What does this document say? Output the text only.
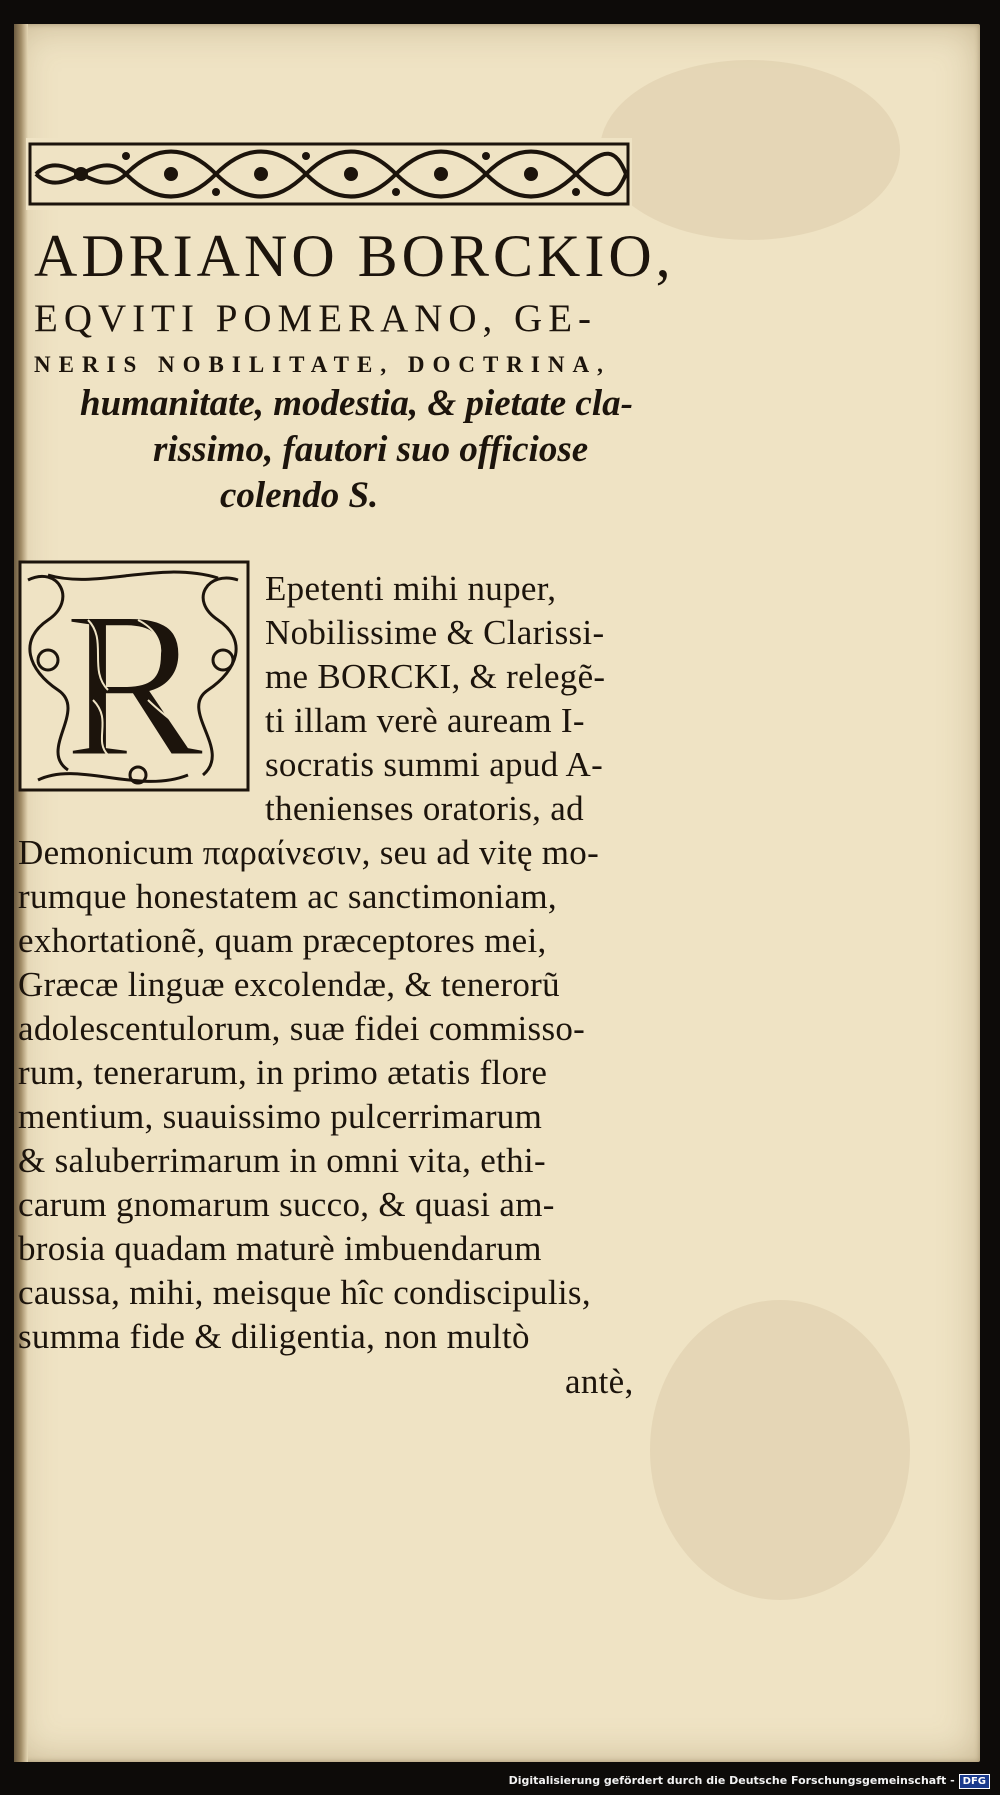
ADRIANO BORCKIO,
EQVITI POMERANO, GE-
NERIS NOBILITATE, DOCTRINA,
humanitate, modestia, & pietate cla-
rissimo, fautori suo officiose
colendo S.
R Epetenti mihi nuper,
Nobilissime & Clarissi-
me BORCKI, & relegẽ-
ti illam verè auream I-
socratis summi apud A-
thenienses oratoris, ad
Demonicum παραίνεσιν, seu ad vitę mo-
rumque honestatem ac sanctimoniam,
exhortationẽ, quam præceptores mei,
Græcæ linguæ excolendæ, & tenerorũ
adolescentulorum, suæ fidei commisso-
rum, tenerarum, in primo ætatis flore
mentium, suauissimo pulcerrimarum
& saluberrimarum in omni vita, ethi-
carum gnomarum succo, & quasi am-
brosia quadam maturè imbuendarum
caussa, mihi, meisque hîc condiscipulis,
summa fide & diligentia, non multò
antè,
Digitalisierung gefördert durch die Deutsche Forschungsgemeinschaft - DFG
